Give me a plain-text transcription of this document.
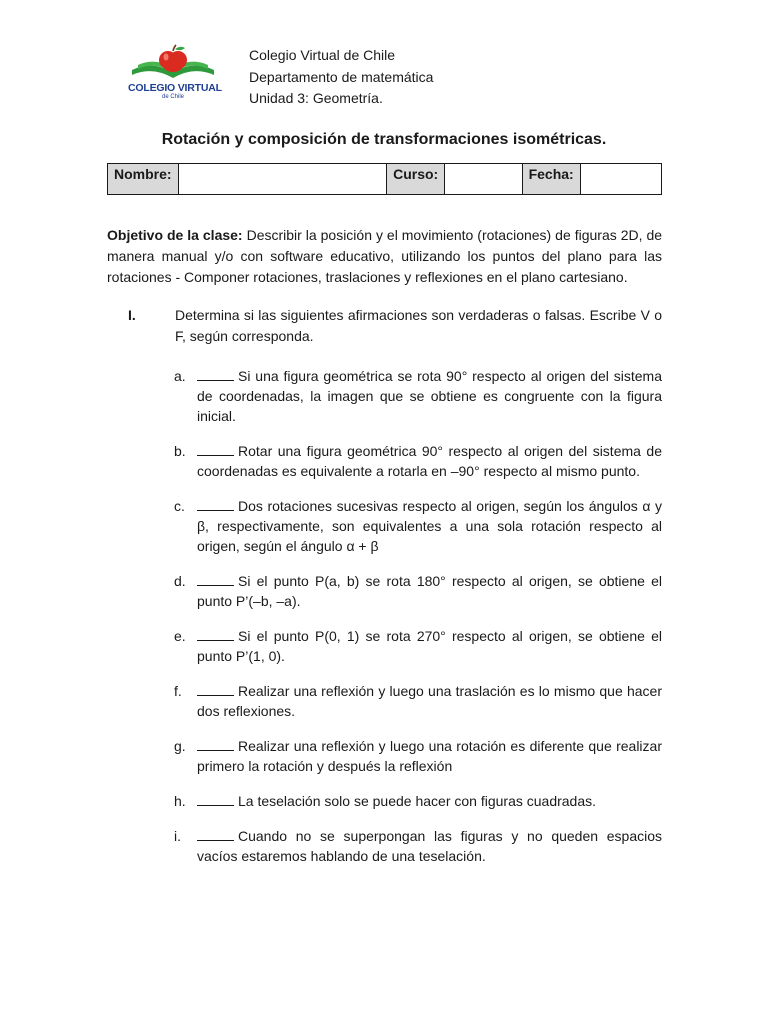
COLEGIO VIRTUAL
de Chile
Colegio Virtual de Chile
Departamento de matemática
Unidad 3: Geometría.
Rotación y composición de transformaciones isométricas.
Nombre:		Curso:		Fecha:	
Objetivo de la clase: Describir la posición y el movimiento (rotaciones) de figuras 2D, de manera manual y/o con software educativo, utilizando los puntos del plano para las rotaciones - Componer rotaciones, traslaciones y reflexiones en el plano cartesiano.
I.	Determina si las siguientes afirmaciones son verdaderas o falsas. Escribe V o F, según corresponda.
a.	Si una figura geométrica se rota 90° respecto al origen del sistema de coordenadas, la imagen que se obtiene es congruente con la figura inicial.
b.	Rotar una figura geométrica 90° respecto al origen del sistema de coordenadas es equivalente a rotarla en –90° respecto al mismo punto.
c.	Dos rotaciones sucesivas respecto al origen, según los ángulos α y β, respectivamente, son equivalentes a una sola rotación respecto al origen, según el ángulo α + β
d.	Si el punto P(a, b) se rota 180° respecto al origen, se obtiene el punto P’(–b, –a).
e.	Si el punto P(0, 1) se rota 270° respecto al origen, se obtiene el punto P’(1, 0).
f.	Realizar una reflexión y luego una traslación es lo mismo que hacer dos reflexiones.
g.	Realizar una reflexión y luego una rotación es diferente que realizar primero la rotación y después la reflexión
h.	La teselación solo se puede hacer con figuras cuadradas.
i.	Cuando no se superpongan las figuras y no queden espacios vacíos estaremos hablando de una teselación.
